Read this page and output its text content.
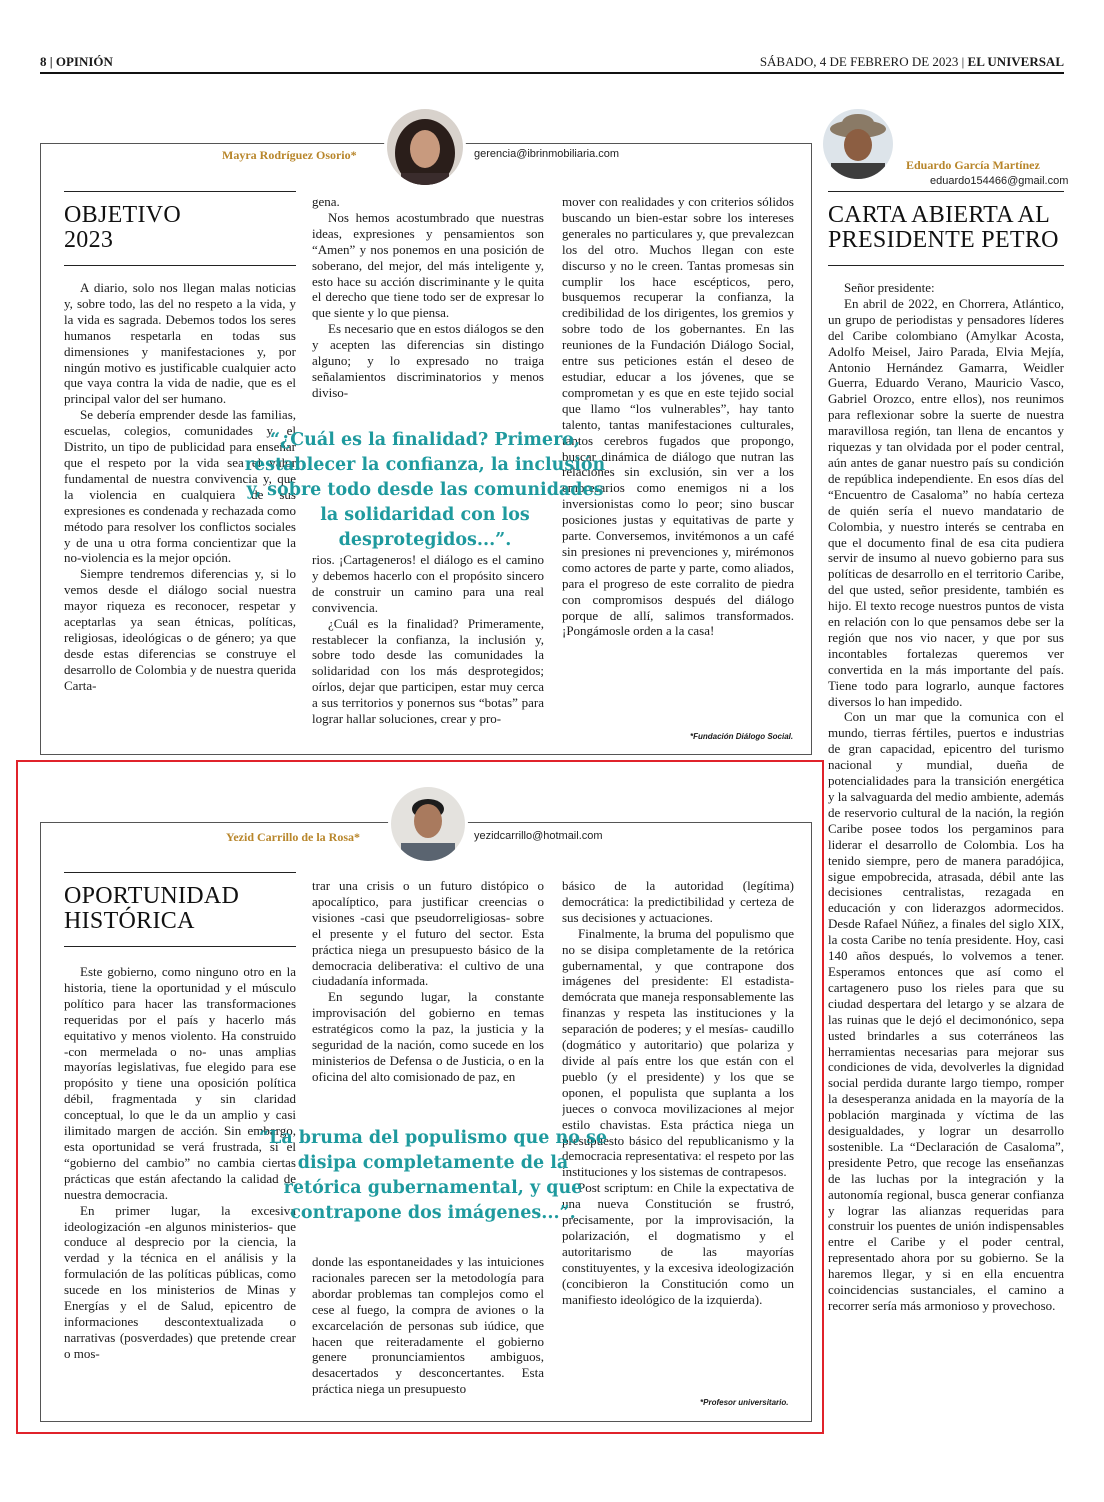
8 | OPINIÓN	SÁBADO, 4 DE FEBRERO DE 2023 | EL UNIVERSAL
Mayra Rodríguez Osorio*	gerencia@ibrinmobiliaria.com
OBJETIVO
2023

A diario, solo nos llegan malas noticias y, sobre todo, las del no respeto a la vida, y la vida es sagrada. Debemos todos los seres humanos respetarla en todas sus dimensiones y manifestaciones y, por ningún motivo es justificable cualquier acto que vaya contra la vida de nadie, que es el principal valor del ser humano.

Se debería emprender desde las familias, escuelas, colegios, comunidades y el Distrito, un tipo de publicidad para enseñar que el respeto por la vida sea el valor fundamental de nuestra convivencia y, que la violencia en cualquiera de sus expresiones es condenada y rechazada como método para resolver los conflictos sociales y de una u otra forma concientizar que la no-violencia es la mejor opción.

Siempre tendremos diferencias y, si lo vemos desde el diálogo social nuestra mayor riqueza es reconocer, respetar y aceptarlas ya sean étnicas, políticas, religiosas, ideológicas o de género; ya que desde estas diferencias se construye el desarrollo de Colombia y de nuestra querida Carta-

gena.

Nos hemos acostumbrado que nuestras ideas, expresiones y pensamientos son “Amen” y nos ponemos en una posición de soberano, del mejor, del más inteligente y, esto hace su acción discriminante y le quita el derecho que tiene todo ser de expresar lo que siente y lo que piensa.

Es necesario que en estos diálogos se den y acepten las diferencias sin distingo alguno; y lo expresado no traiga señalamientos discriminatorios y menos diviso-

rios. ¡Cartageneros! el diálogo es el camino y debemos hacerlo con el propósito sincero de construir un camino para una real convivencia.

¿Cuál es la finalidad? Primeramente, restablecer la confianza, la inclusión y, sobre todo desde las comunidades la solidaridad con los más desprotegidos; oírlos, dejar que participen, estar muy cerca a sus territorios y ponernos sus “botas” para lograr hallar soluciones, crear y pro-

mover con realidades y con criterios sólidos buscando un bien-estar sobre los intereses generales no particulares y, que prevalezcan los del otro. Muchos llegan con este discurso y no le creen. Tantas promesas sin cumplir los hace escépticos, pero, busquemos recuperar la confianza, la credibilidad de los dirigentes, los gremios y sobre todo de los gobernantes. En las reuniones de la Fundación Diálogo Social, entre sus peticiones están el deseo de estudiar, educar a los jóvenes, que se comprometan y es que en este tejido social que llamo “los vulnerables”, hay tanto talento, tantas manifestaciones culturales, tantos cerebros fugados que propongo, buscar dinámica de diálogo que nutran las relaciones sin exclusión, sin ver a los empresarios como enemigos ni a los inversionistas como lo peor; sino buscar posiciones justas y equitativas de parte y parte. Conversemos, invitémonos a un café sin presiones ni prevenciones y, mirémonos como actores de parte y parte, como aliados, para el progreso de este corralito de piedra con compromisos después del diálogo porque de allí, salimos transformados. ¡Pongámosle orden a la casa!

“¿Cuál es la finalidad? Primero, restablecer la confianza, la inclusión y, sobre todo desde las comunidades la solidaridad con los desprotegidos...”.
*Fundación Diálogo Social.
Yezid Carrillo de la Rosa*	yezidcarrillo@hotmail.com
OPORTUNIDAD
HISTÓRICA

Este gobierno, como ninguno otro en la historia, tiene la oportunidad y el músculo político para hacer las transformaciones requeridas por el país y hacerlo más equitativo y menos violento. Ha construido -con mermelada o no- unas amplias mayorías legislativas, fue elegido para ese propósito y tiene una oposición política débil, fragmentada y sin claridad conceptual, lo que le da un amplio y casi ilimitado margen de acción. Sin embargo, esta oportunidad se verá frustrada, si el “gobierno del cambio” no cambia ciertas prácticas que están afectando la calidad de nuestra democracia.

En primer lugar, la excesiva ideologización -en algunos ministerios- que conduce al desprecio por la ciencia, la verdad y la técnica en el análisis y la formulación de las políticas públicas, como sucede en los ministerios de Minas y Energías y el de Salud, epicentro de informaciones descontextualizada o narrativas (posverdades) que pretende crear o mos-

trar una crisis o un futuro distópico o apocalíptico, para justificar creencias o visiones -casi que pseudorreligiosas- sobre el presente y el futuro del sector. Esta práctica niega un presupuesto básico de la democracia deliberativa: el cultivo de una ciudadanía informada.

En segundo lugar, la constante improvisación del gobierno en temas estratégicos como la paz, la justicia y la seguridad de la nación, como sucede en los ministerios de Defensa o de Justicia, o en la oficina del alto comisionado de paz, en

donde las espontaneidades y las intuiciones racionales parecen ser la metodología para abordar problemas tan complejos como el cese al fuego, la compra de aviones o la excarcelación de personas sub iúdice, que hacen que reiteradamente el gobierno genere pronunciamientos ambiguos, desacertados y desconcertantes. Esta práctica niega un presupuesto

básico de la autoridad (legítima) democrática: la predictibilidad y certeza de sus decisiones y actuaciones.

Finalmente, la bruma del populismo que no se disipa completamente de la retórica gubernamental, y que contrapone dos imágenes del presidente: El estadista-demócrata que maneja responsablemente las finanzas y respeta las instituciones y la separación de poderes; y el mesías- caudillo (dogmático y autoritario) que polariza y divide al país entre los que están con el pueblo (y el presidente) y los que se oponen, el populista que suplanta a los jueces o convoca movilizaciones al mejor estilo chavistas. Esta práctica niega un presupuesto básico del republicanismo y la democracia representativa: el respeto por las instituciones y los sistemas de contrapesos.

Post scriptum: en Chile la expectativa de una nueva Constitución se frustró, precisamente, por la improvisación, la polarización, el dogmatismo y el autoritarismo de las mayorías constituyentes, y la excesiva ideologización (concibieron la Constitución como un manifiesto ideológico de la izquierda).

“La bruma del populismo que no se disipa completamente de la retórica gubernamental, y que contrapone dos imágenes...”.
*Profesor universitario.
Eduardo García Martínez
eduardo154466@gmail.com
CARTA ABIERTA AL
PRESIDENTE PETRO

Señor presidente:

En abril de 2022, en Chorrera, Atlántico, un grupo de periodistas y pensadores líderes del Caribe colombiano (Amylkar Acosta, Adolfo Meisel, Jairo Parada, Elvia Mejía, Antonio Hernández Gamarra, Weidler Guerra, Eduardo Verano, Mauricio Vasco, Gabriel Orozco, entre ellos), nos reunimos para reflexionar sobre la suerte de nuestra maravillosa región, tan llena de encantos y riquezas y tan olvidada por el poder central, aún antes de ganar nuestro país su condición de república independiente. En esos días del “Encuentro de Casaloma” no había certeza de quién sería el nuevo mandatario de Colombia, y nuestro interés se centraba en que el documento final de esa cita pudiera servir de insumo al nuevo gobierno para sus políticas de desarrollo en el territorio Caribe, del que usted, señor presidente, también es hijo. El texto recoge nuestros puntos de vista en relación con lo que pensamos debe ser la región que nos vio nacer, y que por sus incontables fortalezas queremos ver convertida en la más importante del país. Tiene todo para lograrlo, aunque factores diversos lo han impedido.

Con un mar que la comunica con el mundo, tierras fértiles, puertos e industrias de gran capacidad, epicentro del turismo nacional y mundial, dueña de potencialidades para la transición energética y la salvaguarda del medio ambiente, además de reservorio cultural de la nación, la región Caribe posee todos los pergaminos para liderar el desarrollo de Colombia. Los ha tenido siempre, pero de manera paradójica, sigue empobrecida, atrasada, débil ante las decisiones centralistas, rezagada en educación y con liderazgos adormecidos. Desde Rafael Núñez, a finales del siglo XIX, la costa Caribe no tenía presidente. Hoy, casi 140 años después, lo volvemos a tener. Esperamos entonces que así como el cartagenero puso los rieles para que su ciudad despertara del letargo y se alzara de las ruinas que le dejó el decimonónico, sepa usted brindarles a sus coterráneos las herramientas necesarias para mejorar sus condiciones de vida, devolverles la dignidad social perdida durante largo tiempo, romper la desesperanza anidada en la mayoría de la población marginada y víctima de las desigualdades, y lograr un desarrollo sostenible. La “Declaración de Casaloma”, presidente Petro, que recoge las enseñanzas de las luchas por la integración y la autonomía regional, busca generar confianza y lograr las alianzas requeridas para construir los puentes de unión indispensables entre el Caribe y el poder central, representado ahora por su gobierno. Se la haremos llegar, y si en ella encuentra coincidencias sustanciales, el camino a recorrer sería más armonioso y provechoso.
